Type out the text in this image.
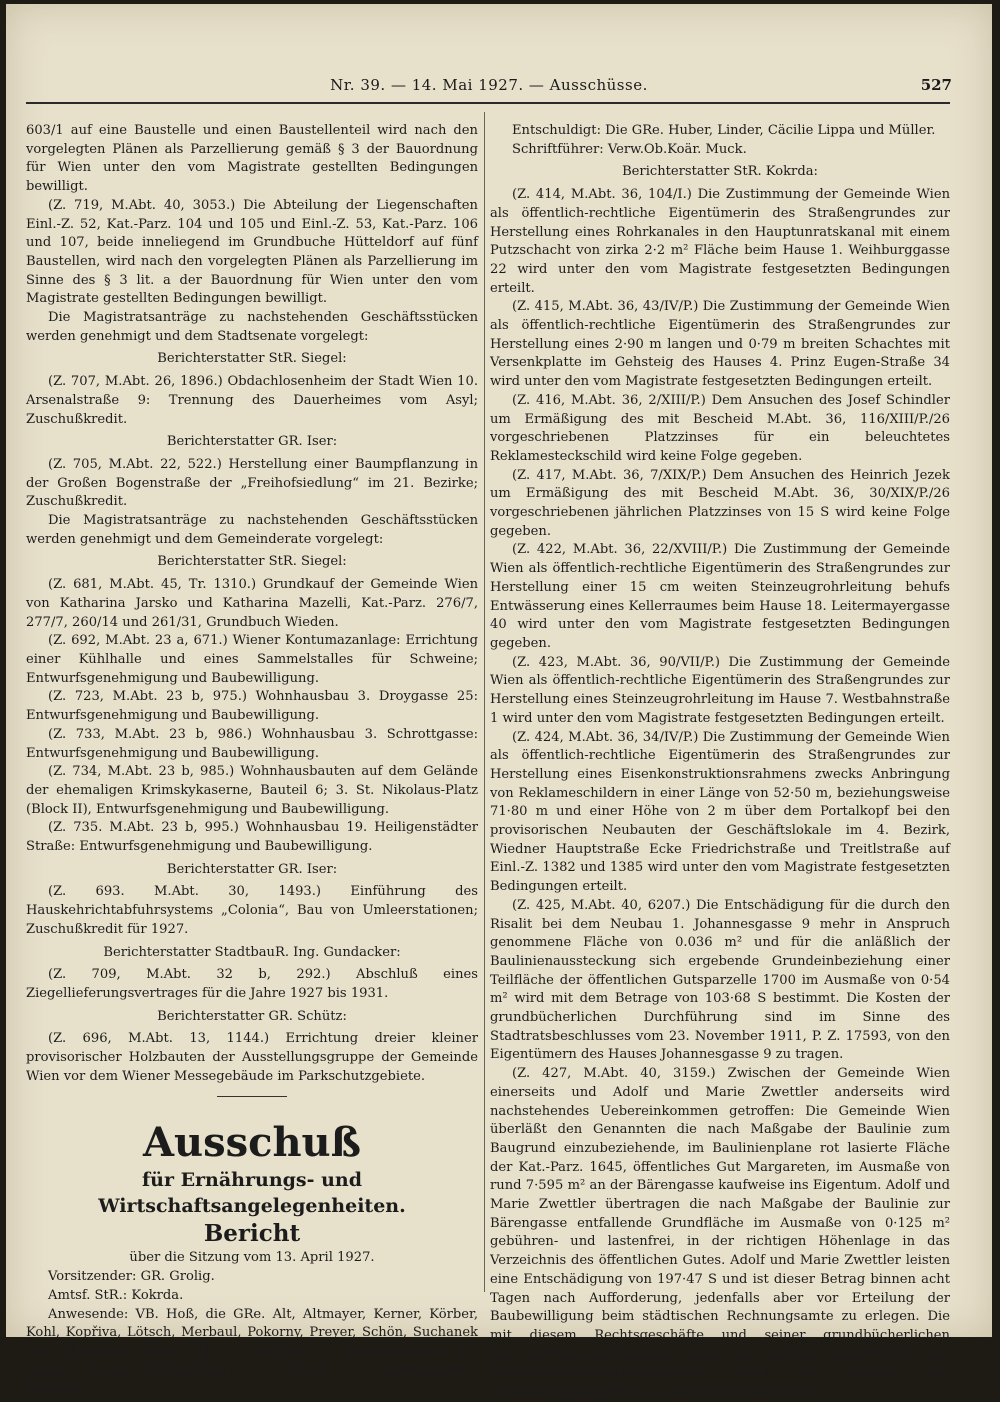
Nr. 39. — 14. Mai 1927. — Ausschüsse.	527

603/1 auf eine Baustelle und einen Baustellenteil wird nach den vorgelegten Plänen als Parzellierung gemäß § 3 der Bauordnung für Wien unter den vom Magistrate gestellten Bedingungen bewilligt.

(Z. 719, M.Abt. 40, 3053.) Die Abteilung der Liegenschaften Einl.-Z. 52, Kat.-Parz. 104 und 105 und Einl.-Z. 53, Kat.-Parz. 106 und 107, beide inneliegend im Grundbuche Hütteldorf auf fünf Baustellen, wird nach den vorgelegten Plänen als Parzellierung im Sinne des § 3 lit. a der Bauordnung für Wien unter den vom Magistrate gestellten Bedingungen bewilligt.

Die Magistratsanträge zu nachstehenden Geschäftsstücken werden genehmigt und dem Stadtsenate vorgelegt:

Berichterstatter StR. Siegel:

(Z. 707, M.Abt. 26, 1896.) Obdachlosenheim der Stadt Wien 10. Arsenalstraße 9: Trennung des Dauerheimes vom Asyl; Zuschußkredit.

Berichterstatter GR. Iser:

(Z. 705, M.Abt. 22, 522.) Herstellung einer Baumpflanzung in der Großen Bogenstraße der „Freihofsiedlung“ im 21. Bezirke; Zuschußkredit.

Die Magistratsanträge zu nachstehenden Geschäftsstücken werden genehmigt und dem Gemeinderate vorgelegt:

Berichterstatter StR. Siegel:

(Z. 681, M.Abt. 45, Tr. 1310.) Grundkauf der Gemeinde Wien von Katharina Jarsko und Katharina Mazelli, Kat.-Parz. 276/7, 277/7, 260/14 und 261/31, Grundbuch Wieden.

(Z. 692, M.Abt. 23 a, 671.) Wiener Kontumazanlage: Errichtung einer Kühlhalle und eines Sammelstalles für Schweine; Entwurfsgenehmigung und Baubewilligung.

(Z. 723, M.Abt. 23 b, 975.) Wohnhausbau 3. Droygasse 25: Entwurfsgenehmigung und Baubewilligung.

(Z. 733, M.Abt. 23 b, 986.) Wohnhausbau 3. Schrottgasse: Entwurfsgenehmigung und Baubewilligung.

(Z. 734, M.Abt. 23 b, 985.) Wohnhausbauten auf dem Gelände der ehemaligen Krimskykaserne, Bauteil 6; 3. St. Nikolaus-Platz (Block II), Entwurfsgenehmigung und Baubewilligung.

(Z. 735. M.Abt. 23 b, 995.) Wohnhausbau 19. Heiligenstädter Straße: Entwurfsgenehmigung und Baubewilligung.

Berichterstatter GR. Iser:

(Z. 693. M.Abt. 30, 1493.) Einführung des Hauskehrichtabfuhrsystems „Colonia“, Bau von Umleerstationen; Zuschußkredit für 1927.

Berichterstatter StadtbauR. Ing. Gundacker:

(Z. 709, M.Abt. 32 b, 292.) Abschluß eines Ziegellieferungsvertrages für die Jahre 1927 bis 1931.

Berichterstatter GR. Schütz:

(Z. 696, M.Abt. 13, 1144.) Errichtung dreier kleiner provisorischer Holzbauten der Ausstellungsgruppe der Gemeinde Wien vor dem Wiener Messegebäude im Parkschutzgebiete.

Ausschuß

für Ernährungs- und Wirtschaftsangelegenheiten.

Bericht

über die Sitzung vom 13. April 1927.

Vorsitzender: GR. Grolig.

Amtsf. StR.: Kokrda.

Anwesende: VB. Hoß, die GRe. Alt, Altmayer, Kerner, Körber, Kohl, Kopřiva, Lötsch, Merbaul, Pokorny, Preyer, Schön, Suchanek und Witzmann; ferner die Ob.Mag.Re. Dr. Hießmanseder, Dr. Nather, Dostal, Vet.AmtsDior. Dr. Juritsch und MarktamtsDior. Winkler.

Entschuldigt: Die GRe. Huber, Linder, Cäcilie Lippa und Müller.

Schriftführer: Verw.Ob.Koär. Muck.

Berichterstatter StR. Kokrda:

(Z. 414, M.Abt. 36, 104/I.) Die Zustimmung der Gemeinde Wien als öffentlich-rechtliche Eigentümerin des Straßengrundes zur Herstellung eines Rohrkanales in den Hauptunratskanal mit einem Putzschacht von zirka 2·2 m² Fläche beim Hause 1. Weihburggasse 22 wird unter den vom Magistrate festgesetzten Bedingungen erteilt.

(Z. 415, M.Abt. 36, 43/IV/P.) Die Zustimmung der Gemeinde Wien als öffentlich-rechtliche Eigentümerin des Straßengrundes zur Herstellung eines 2·90 m langen und 0·79 m breiten Schachtes mit Versenkplatte im Gehsteig des Hauses 4. Prinz Eugen-Straße 34 wird unter den vom Magistrate festgesetzten Bedingungen erteilt.

(Z. 416, M.Abt. 36, 2/XIII/P.) Dem Ansuchen des Josef Schindler um Ermäßigung des mit Bescheid M.Abt. 36, 116/XIII/P./26 vorgeschriebenen Platzzinses für ein beleuchtetes Reklamesteckschild wird keine Folge gegeben.

(Z. 417, M.Abt. 36, 7/XIX/P.) Dem Ansuchen des Heinrich Jezek um Ermäßigung des mit Bescheid M.Abt. 36, 30/XIX/P./26 vorgeschriebenen jährlichen Platzzinses von 15 S wird keine Folge gegeben.

(Z. 422, M.Abt. 36, 22/XVIII/P.) Die Zustimmung der Gemeinde Wien als öffentlich-rechtliche Eigentümerin des Straßengrundes zur Herstellung einer 15 cm weiten Steinzeugrohrleitung behufs Entwässerung eines Kellerraumes beim Hause 18. Leitermayergasse 40 wird unter den vom Magistrate festgesetzten Bedingungen gegeben.

(Z. 423, M.Abt. 36, 90/VII/P.) Die Zustimmung der Gemeinde Wien als öffentlich-rechtliche Eigentümerin des Straßengrundes zur Herstellung eines Steinzeugrohrleitung im Hause 7. Westbahnstraße 1 wird unter den vom Magistrate festgesetzten Bedingungen erteilt.

(Z. 424, M.Abt. 36, 34/IV/P.) Die Zustimmung der Gemeinde Wien als öffentlich-rechtliche Eigentümerin des Straßengrundes zur Herstellung eines Eisenkonstruktionsrahmens zwecks Anbringung von Reklameschildern in einer Länge von 52·50 m, beziehungsweise 71·80 m und einer Höhe von 2 m über dem Portalkopf bei den provisorischen Neubauten der Geschäftslokale im 4. Bezirk, Wiedner Hauptstraße Ecke Friedrichstraße und Treitlstraße auf Einl.-Z. 1382 und 1385 wird unter den vom Magistrate festgesetzten Bedingungen erteilt.

(Z. 425, M.Abt. 40, 6207.) Die Entschädigung für die durch den Risalit bei dem Neubau 1. Johannesgasse 9 mehr in Anspruch genommene Fläche von 0.036 m² und für die anläßlich der Baulinienaussteckung sich ergebende Grundeinbeziehung einer Teilfläche der öffentlichen Gutsparzelle 1700 im Ausmaße von 0·54 m² wird mit dem Betrage von 103·68 S bestimmt. Die Kosten der grundbücherlichen Durchführung sind im Sinne des Stadtratsbeschlusses vom 23. November 1911, P. Z. 17593, von den Eigentümern des Hauses Johannesgasse 9 zu tragen.

(Z. 427, M.Abt. 40, 3159.) Zwischen der Gemeinde Wien einerseits und Adolf und Marie Zwettler anderseits wird nachstehendes Uebereinkommen getroffen: Die Gemeinde Wien überläßt den Genannten die nach Maßgabe der Baulinie zum Baugrund einzubeziehende, im Baulinienplane rot lasierte Fläche der Kat.-Parz. 1645, öffentliches Gut Margareten, im Ausmaße von rund 7·595 m² an der Bärengasse kaufweise ins Eigentum. Adolf und Marie Zwettler übertragen die nach Maßgabe der Baulinie zur Bärengasse entfallende Grundfläche im Ausmaße von 0·125 m² gebühren- und lastenfrei, in der richtigen Höhenlage in das Verzeichnis des öffentlichen Gutes. Adolf und Marie Zwettler leisten eine Entschädigung von 197·47 S und ist dieser Betrag binnen acht Tagen nach Aufforderung, jedenfalls aber vor Erteilung der Baubewilligung beim städtischen Rechnungsamte zu erlegen. Die mit diesem Rechtsgeschäfte und seiner grundbücherlichen Durchführung verbundenen Kosten und Gebühren einschließlich der Vermögensübertragungsgebühr sowie die Kosten der Plananfertigung gehen zu Lasten der Bauwerber.
